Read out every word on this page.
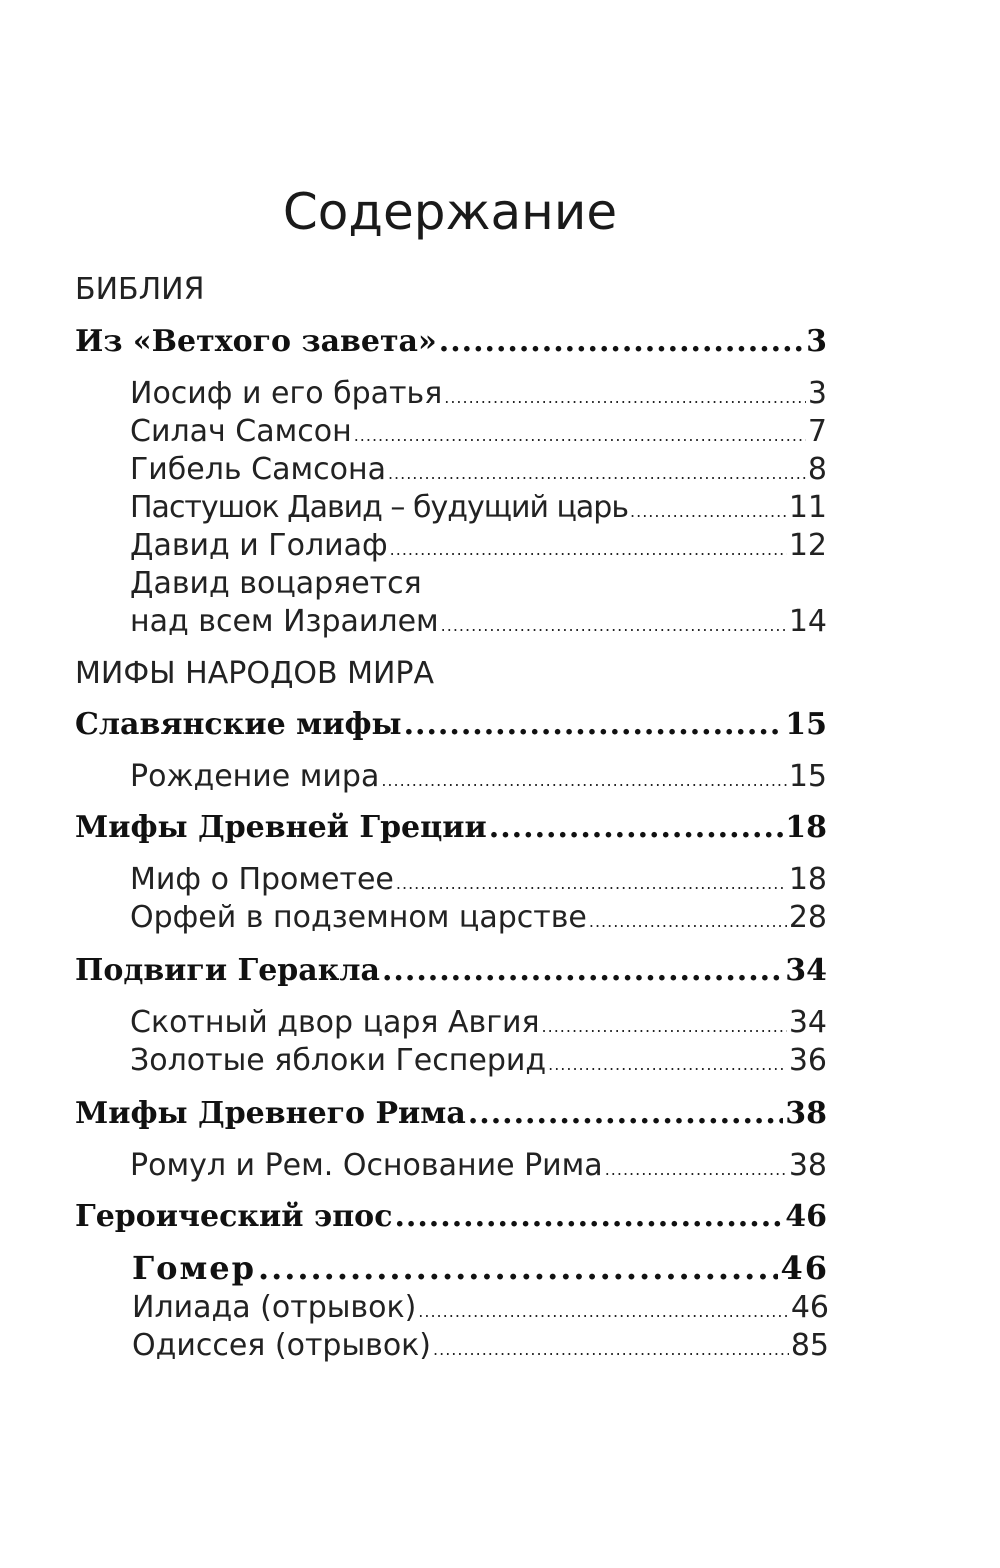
Содержание
БИБЛИЯ
Из «Ветхого завета» .....	3
Иосиф и его братья .....	3
Силач Самсон .....	7
Гибель Самсона .....	8
Пастушок Давид – будущий царь .....	11
Давид и Голиаф .....	12
Давид воцаряется
над всем Израилем .....	14
МИФЫ НАРОДОВ МИРА
Славянские мифы .....	15
Рождение мира .....	15
Мифы Древней Греции .....	18
Миф о Прометее .....	18
Орфей в подземном царстве .....	28
Подвиги Геракла .....	34
Скотный двор царя Авгия .....	34
Золотые яблоки Гесперид .....	36
Мифы Древнего Рима .....	38
Ромул и Рем. Основание Рима .....	38
Героический эпос .....	46
Гомер .....	46
Илиада (отрывок) .....	46
Одиссея (отрывок) .....	85
